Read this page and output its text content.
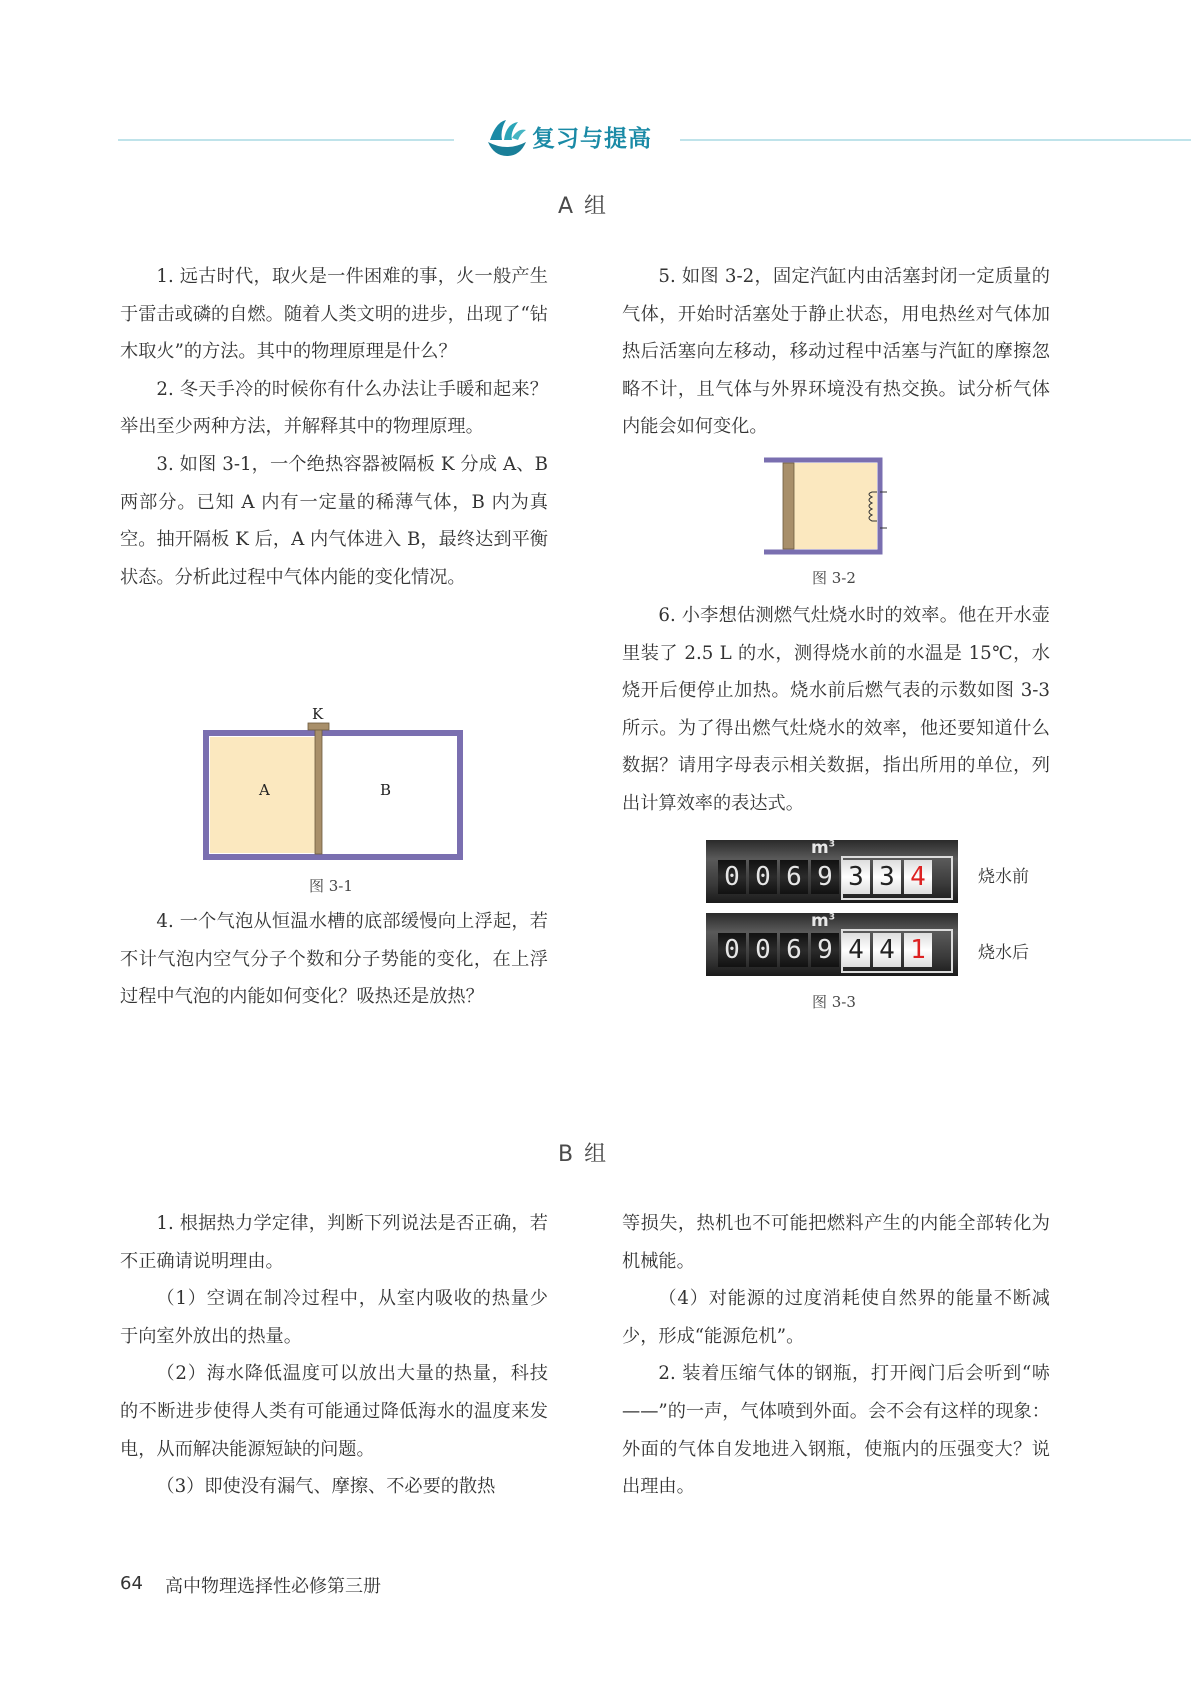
复习与提高
A 组

1. 远古时代，取火是一件困难的事，火一般产生于雷击或磷的自燃。随着人类文明的进步，出现了“钻木取火”的方法。其中的物理原理是什么？

2. 冬天手冷的时候你有什么办法让手暖和起来？举出至少两种方法，并解释其中的物理原理。

3. 如图 3-1，一个绝热容器被隔板 K 分成 A、B 两部分。已知 A 内有一定量的稀薄气体，B 内为真空。抽开隔板 K 后，A 内气体进入 B，最终达到平衡状态。分析此过程中气体内能的变化情况。

K
A	B
图 3-1

4. 一个气泡从恒温水槽的底部缓慢向上浮起，若不计气泡内空气分子个数和分子势能的变化，在上浮过程中气泡的内能如何变化？吸热还是放热？

5. 如图 3-2，固定汽缸内由活塞封闭一定质量的气体，开始时活塞处于静止状态，用电热丝对气体加热后活塞向左移动，移动过程中活塞与汽缸的摩擦忽略不计，且气体与外界环境没有热交换。试分析气体内能会如何变化。

图 3-2

6. 小李想估测燃气灶烧水时的效率。他在开水壶里装了 2.5 L 的水，测得烧水前的水温是 15℃，水烧开后便停止加热。烧水前后燃气表的示数如图 3-3 所示。为了得出燃气灶烧水的效率，他还要知道什么数据？请用字母表示相关数据，指出所用的单位，列出计算效率的表达式。

$m^3$
0 0 6 9 3 3 4	烧水前
$m^3$
0 0 6 9 4 4 1	烧水后
图 3-3
B 组

1. 根据热力学定律，判断下列说法是否正确，若不正确请说明理由。

（1）空调在制冷过程中，从室内吸收的热量少于向室外放出的热量。

（2）海水降低温度可以放出大量的热量，科技的不断进步使得人类有可能通过降低海水的温度来发电，从而解决能源短缺的问题。

（3）即使没有漏气、摩擦、不必要的散热

等损失，热机也不可能把燃料产生的内能全部转化为机械能。

（4）对能源的过度消耗使自然界的能量不断减少，形成“能源危机”。

2. 装着压缩气体的钢瓶，打开阀门后会听到“哧——”的一声，气体喷到外面。会不会有这样的现象：外面的气体自发地进入钢瓶，使瓶内的压强变大？说出理由。

64 高中物理选择性必修第三册
